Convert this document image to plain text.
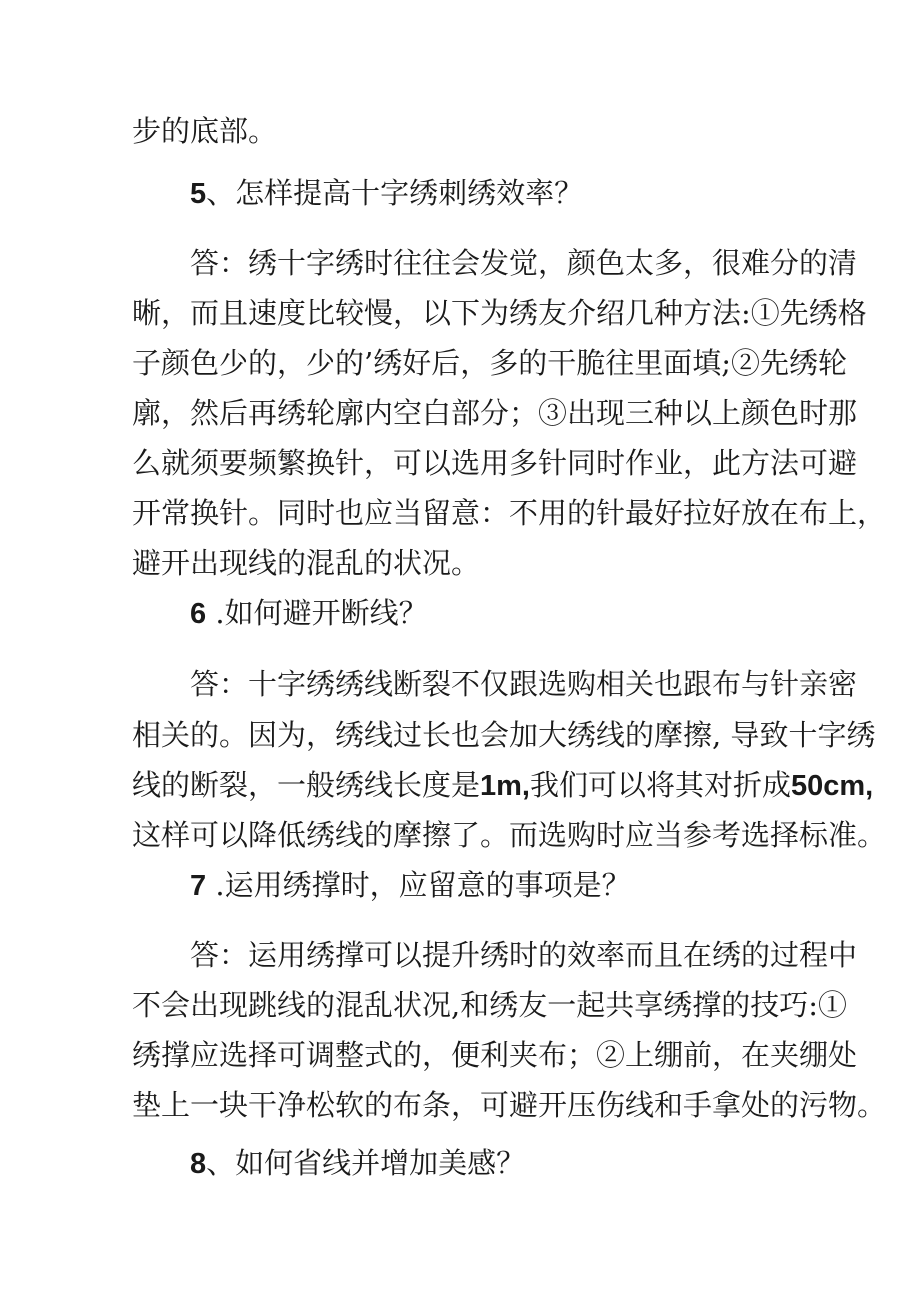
步的底部。
5、怎样提高十字绣刺绣效率？
答：绣十字绣时往往会发觉，颜色太多，很难分的清
晰，而且速度比较慢，以下为绣友介绍几种方法:①先绣格
子颜色少的，少的’绣好后，多的干脆往里面填;②先绣轮
廓，然后再绣轮廓内空白部分；③出现三种以上颜色时那
么就须要频繁换针，可以选用多针同时作业，此方法可避
开常换针。同时也应当留意：不用的针最好拉好放在布上，
避开出现线的混乱的状况。
6 .如何避开断线？
答：十字绣绣线断裂不仅跟选购相关也跟布与针亲密
相关的。因为，绣线过长也会加大绣线的摩擦, 导致十字绣
线的断裂，一般绣线长度是1m,我们可以将其对折成50cm,
这样可以降低绣线的摩擦了。而选购时应当参考选择标准。
7 .运用绣撑时，应留意的事项是？
答：运用绣撑可以提升绣时的效率而且在绣的过程中
不会出现跳线的混乱状况,和绣友一起共享绣撑的技巧:①
绣撑应选择可调整式的，便利夹布；②上绷前，在夹绷处
垫上一块干净松软的布条，可避开压伤线和手拿处的污物。
8、如何省线并增加美感？
